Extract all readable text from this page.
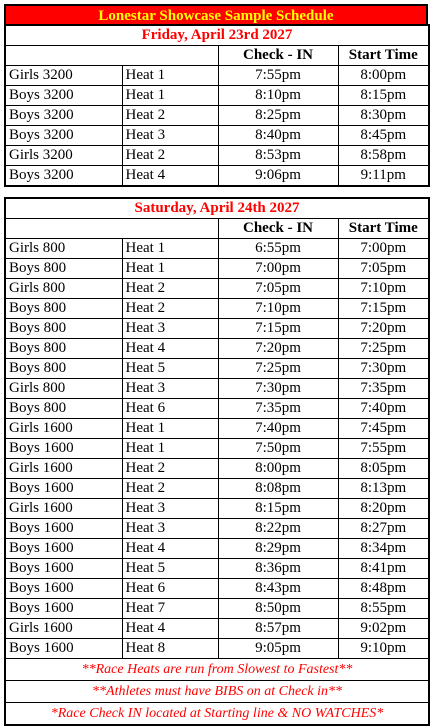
Lonestar Showcase Sample Schedule
Friday, April 23rd 2027			
		Check - IN	Start Time
Girls 3200	Heat 1	7:55pm	8:00pm
Boys 3200	Heat 1	8:10pm	8:15pm
Boys 3200	Heat 2	8:25pm	8:30pm
Boys 3200	Heat 3	8:40pm	8:45pm
Girls 3200	Heat 2	8:53pm	8:58pm
Boys 3200	Heat 4	9:06pm	9:11pm
Saturday, April 24th 2027			
		Check - IN	Start Time
Girls 800	Heat 1	6:55pm	7:00pm
Boys 800	Heat 1	7:00pm	7:05pm
Girls 800	Heat 2	7:05pm	7:10pm
Boys 800	Heat 2	7:10pm	7:15pm
Boys 800	Heat 3	7:15pm	7:20pm
Boys 800	Heat 4	7:20pm	7:25pm
Boys 800	Heat 5	7:25pm	7:30pm
Girls 800	Heat 3	7:30pm	7:35pm
Boys 800	Heat 6	7:35pm	7:40pm
Girls 1600	Heat 1	7:40pm	7:45pm
Boys 1600	Heat 1	7:50pm	7:55pm
Girls 1600	Heat 2	8:00pm	8:05pm
Boys 1600	Heat 2	8:08pm	8:13pm
Girls 1600	Heat 3	8:15pm	8:20pm
Boys 1600	Heat 3	8:22pm	8:27pm
Boys 1600	Heat 4	8:29pm	8:34pm
Boys 1600	Heat 5	8:36pm	8:41pm
Boys 1600	Heat 6	8:43pm	8:48pm
Boys 1600	Heat 7	8:50pm	8:55pm
Girls 1600	Heat 4	8:57pm	9:02pm
Boys 1600	Heat 8	9:05pm	9:10pm
**Race Heats are run from Slowest to Fastest**			
**Athletes must have BIBS on at Check in**			
*Race Check IN located at Starting line & NO WATCHES*			
